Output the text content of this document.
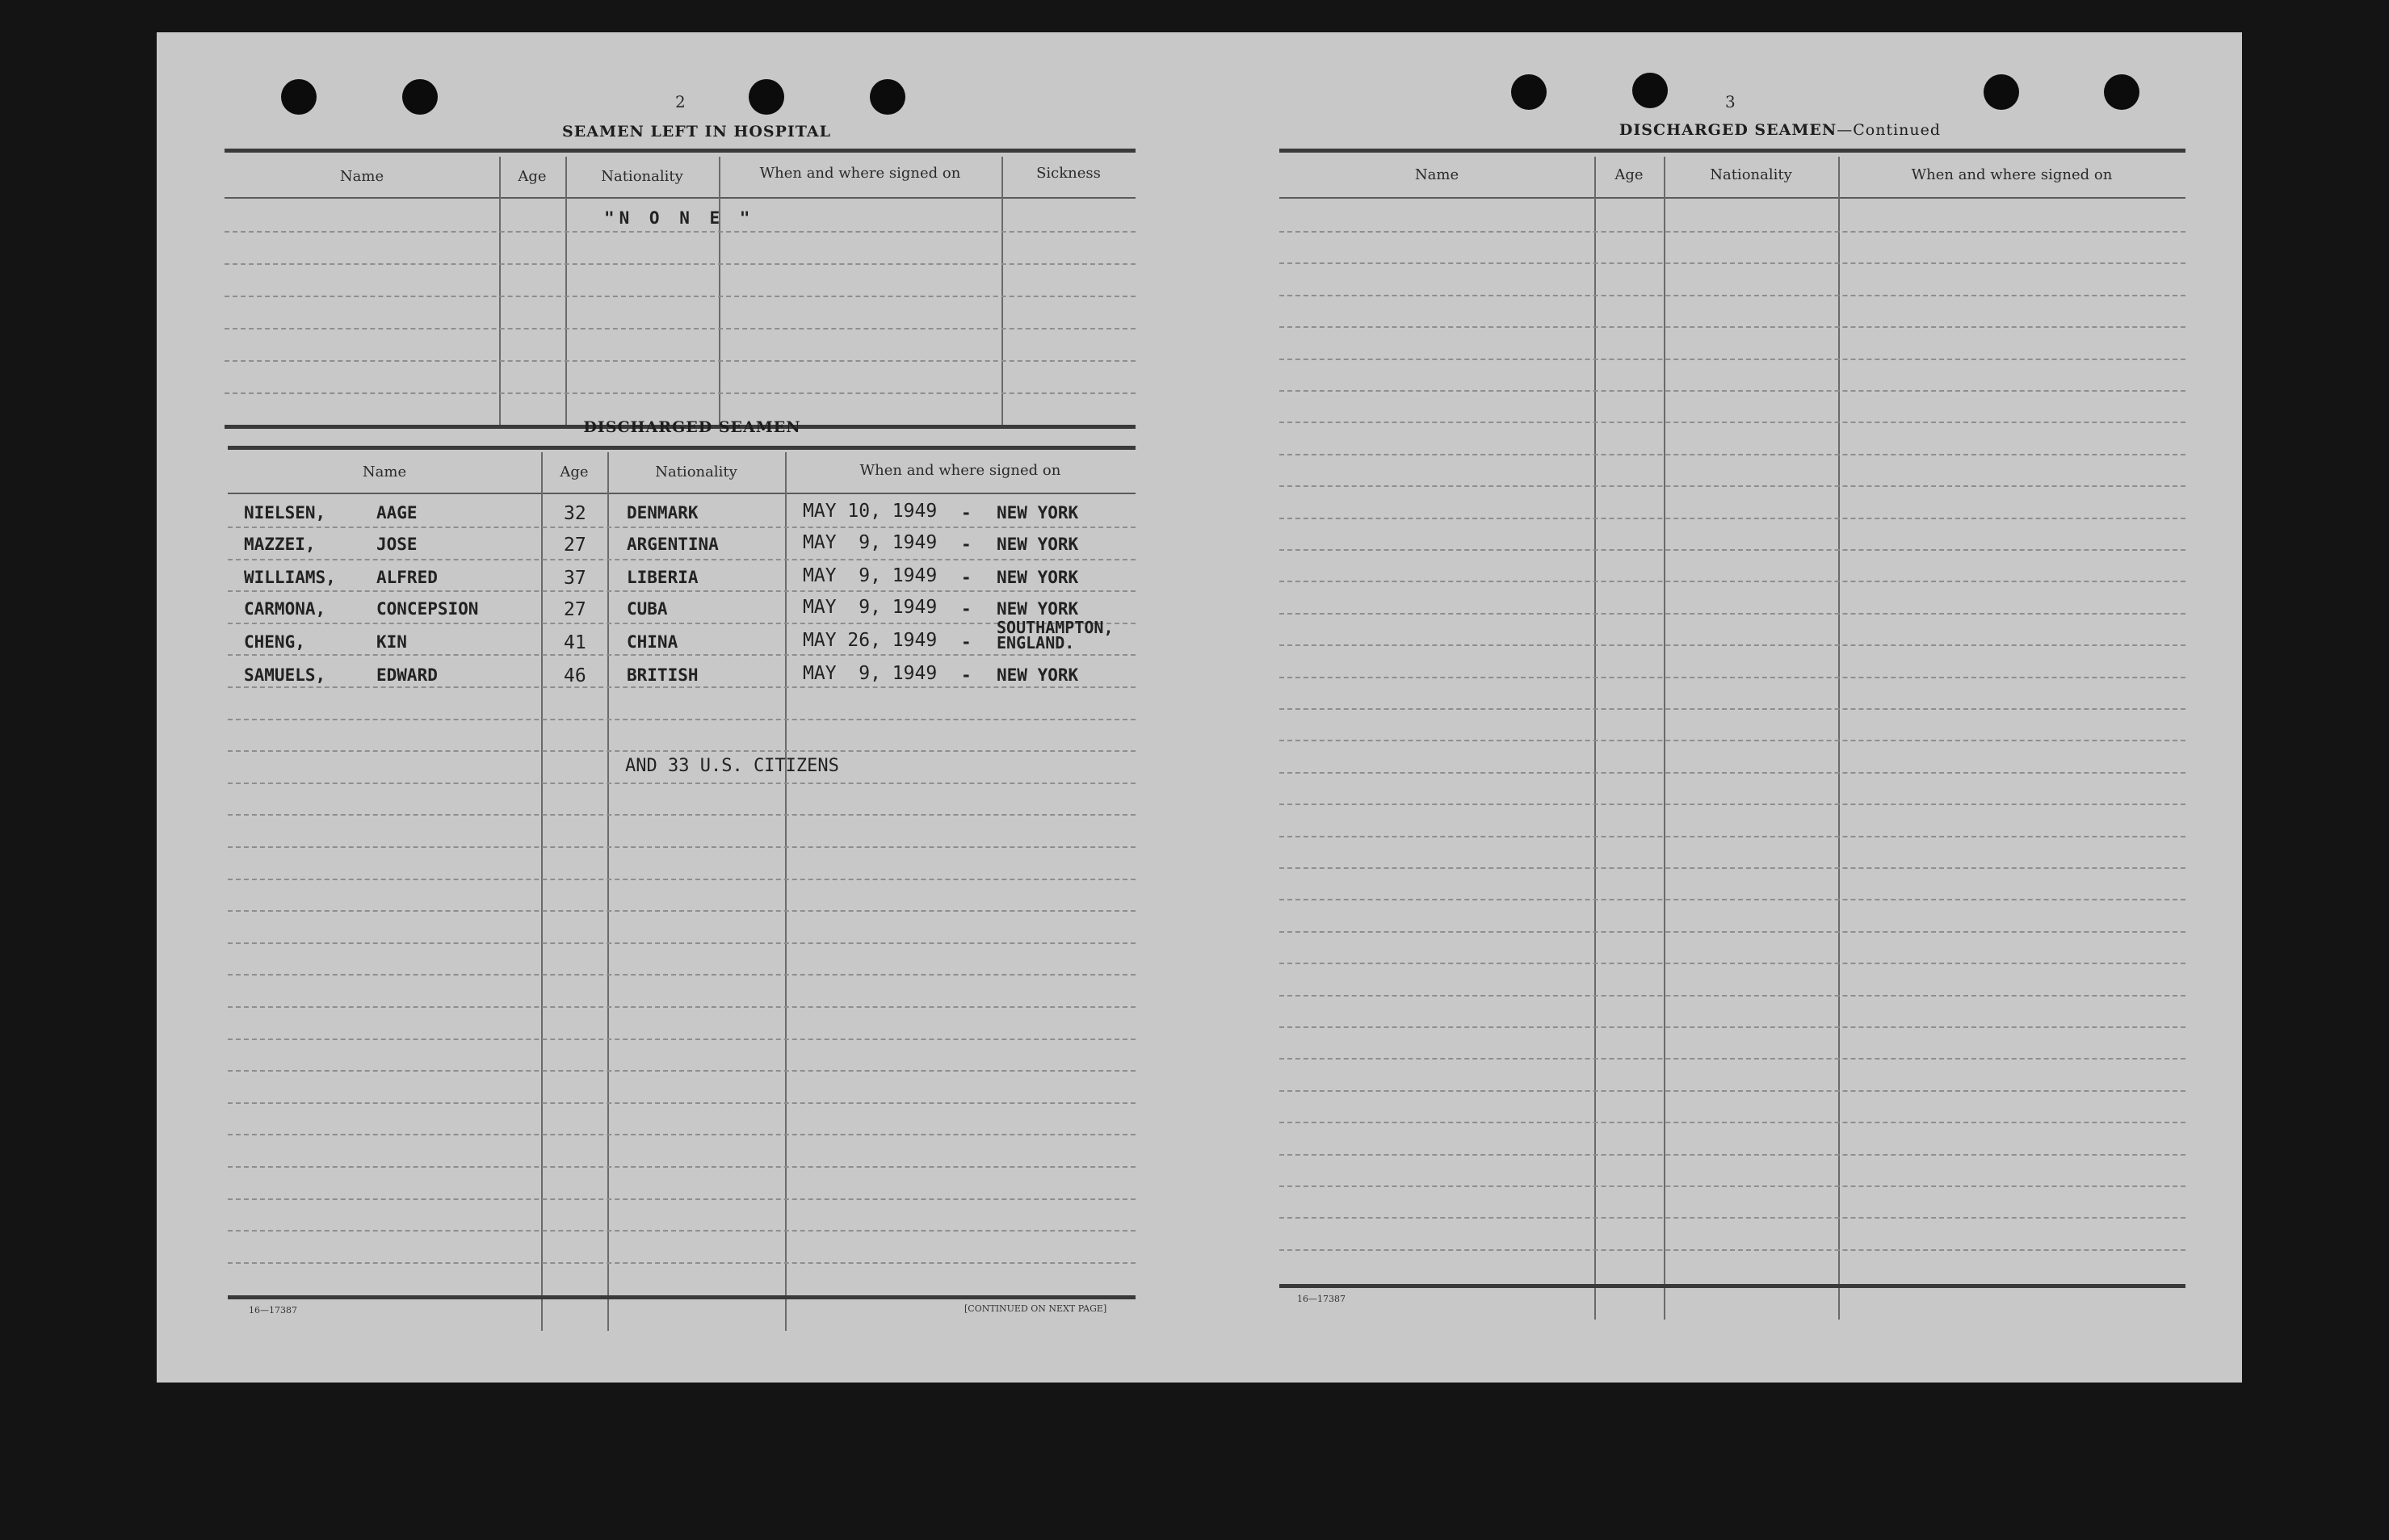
2
SEAMEN LEFT IN HOSPITAL
Name	Age	Nationality	When and where signed on	Sickness
"N O N E "
DISCHARGED SEAMEN
Name	Age	Nationality	When and where signed on
NIELSEN,	AAGE	32 DENMARK	MAY 10, 1949 - NEW YORK
MAZZEI,	JOSE	27 ARGENTINA	MAY  9, 1949 - NEW YORK
WILLIAMS, ALFRED	37 LIBERIA	MAY  9, 1949 - NEW YORK
CARMONA,	CONCEPSION	27 CUBA	MAY  9, 1949 - NEW YORK
CHENG,	KIN	41 CHINA	MAY 26, 1949 -
SOUTHAMPTON, ENGLAND.
SAMUELS,	EDWARD	46 BRITISH	MAY  9, 1949 - NEW YORK
AND 33 U.S. CITIZENS
16—17387	[CONTINUED ON NEXT PAGE]
3
DISCHARGED SEAMEN—Continued
Name	Age	Nationality	When and where signed on
16—17387
